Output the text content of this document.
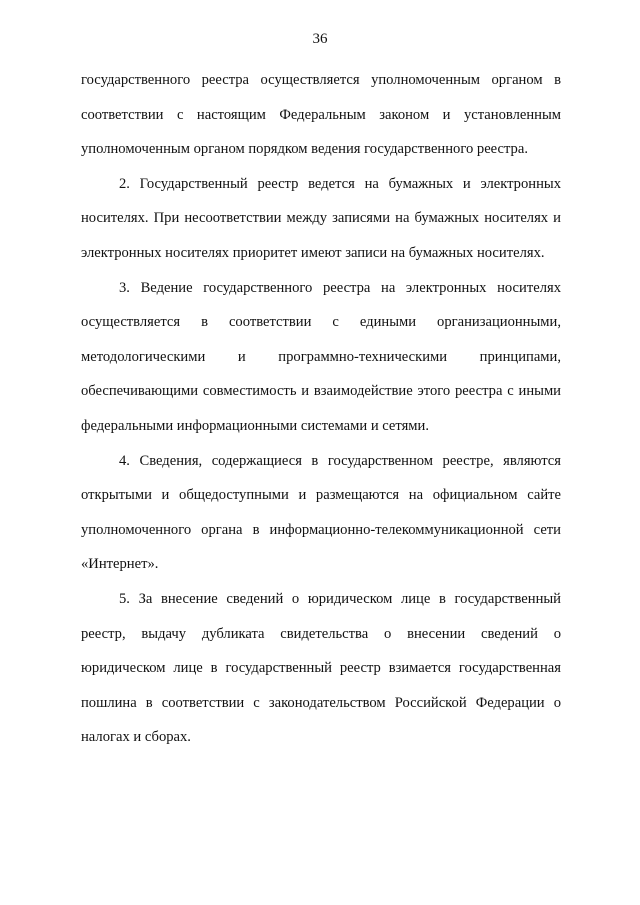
36

государственного реестра осуществляется уполномоченным органом в соответствии с настоящим Федеральным законом и установленным уполномоченным органом порядком ведения государственного реестра.

2. Государственный реестр ведется на бумажных и электронных носителях. При несоответствии между записями на бумажных носителях и электронных носителях приоритет имеют записи на бумажных носителях.

3. Ведение государственного реестра на электронных носителях осуществляется в соответствии с едиными организационными, методологическими и программно-техническими принципами, обеспечивающими совместимость и взаимодействие этого реестра с иными федеральными информационными системами и сетями.

4. Сведения, содержащиеся в государственном реестре, являются открытыми и общедоступными и размещаются на официальном сайте уполномоченного органа в информационно-телекоммуникационной сети «Интернет».

5. За внесение сведений о юридическом лице в государственный реестр, выдачу дубликата свидетельства о внесении сведений о юридическом лице в государственный реестр взимается государственная пошлина в соответствии с законодательством Российской Федерации о налогах и сборах.
